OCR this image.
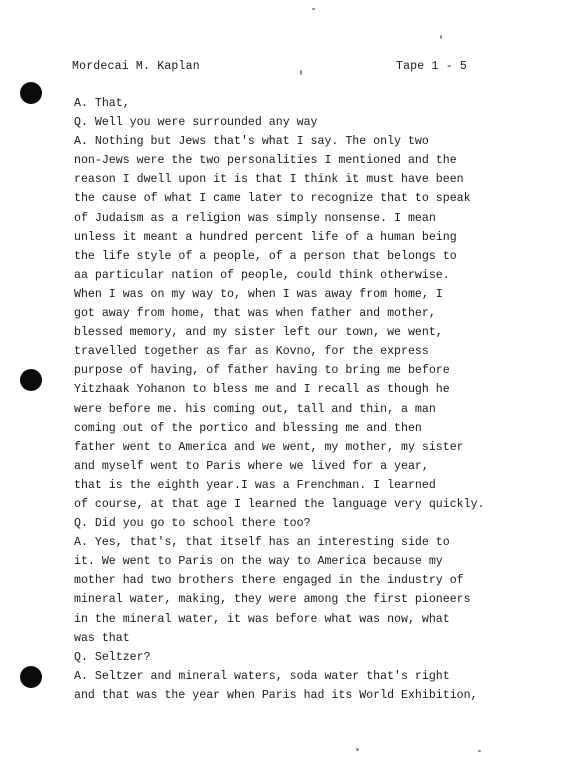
Mordecai M. Kaplan	Tape 1 - 5
A. That,
Q. Well you were surrounded any way
A. Nothing but Jews that's what I say. The only two
non-Jews were the two personalities I mentioned and the
reason I dwell upon it is that I think it must have been
the cause of what I came later to recognize that to speak
of Judaism as a religion was simply nonsense. I mean
unless it meant a hundred percent life of a human being
the life style of a people, of a person that belongs to
aa particular nation of people, could think otherwise.
When I was on my way to, when I was away from home, I
got away from home, that was when father and mother,
blessed memory, and my sister left our town, we went,
travelled together as far as Kovno, for the express
purpose of having, of father having to bring me before
Yitzhaak Yohanon to bless me and I recall as though he
were before me. his coming out, tall and thin, a man
coming out of the portico and blessing me and then
father went to America and we went, my mother, my sister
and myself went to Paris where we lived for a year,
that is the eighth year.I was a Frenchman. I learned
of course, at that age I learned the language very quickly.
Q. Did you go to school there too?
A. Yes, that's, that itself has an interesting side to
it. We went to Paris on the way to America because my
mother had two brothers there engaged in the industry of
mineral water, making, they were among the first pioneers
in the mineral water, it was before what was now, what
was that
Q. Seltzer?
A. Seltzer and mineral waters, soda water that's right
and that was the year when Paris had its World Exhibition,
